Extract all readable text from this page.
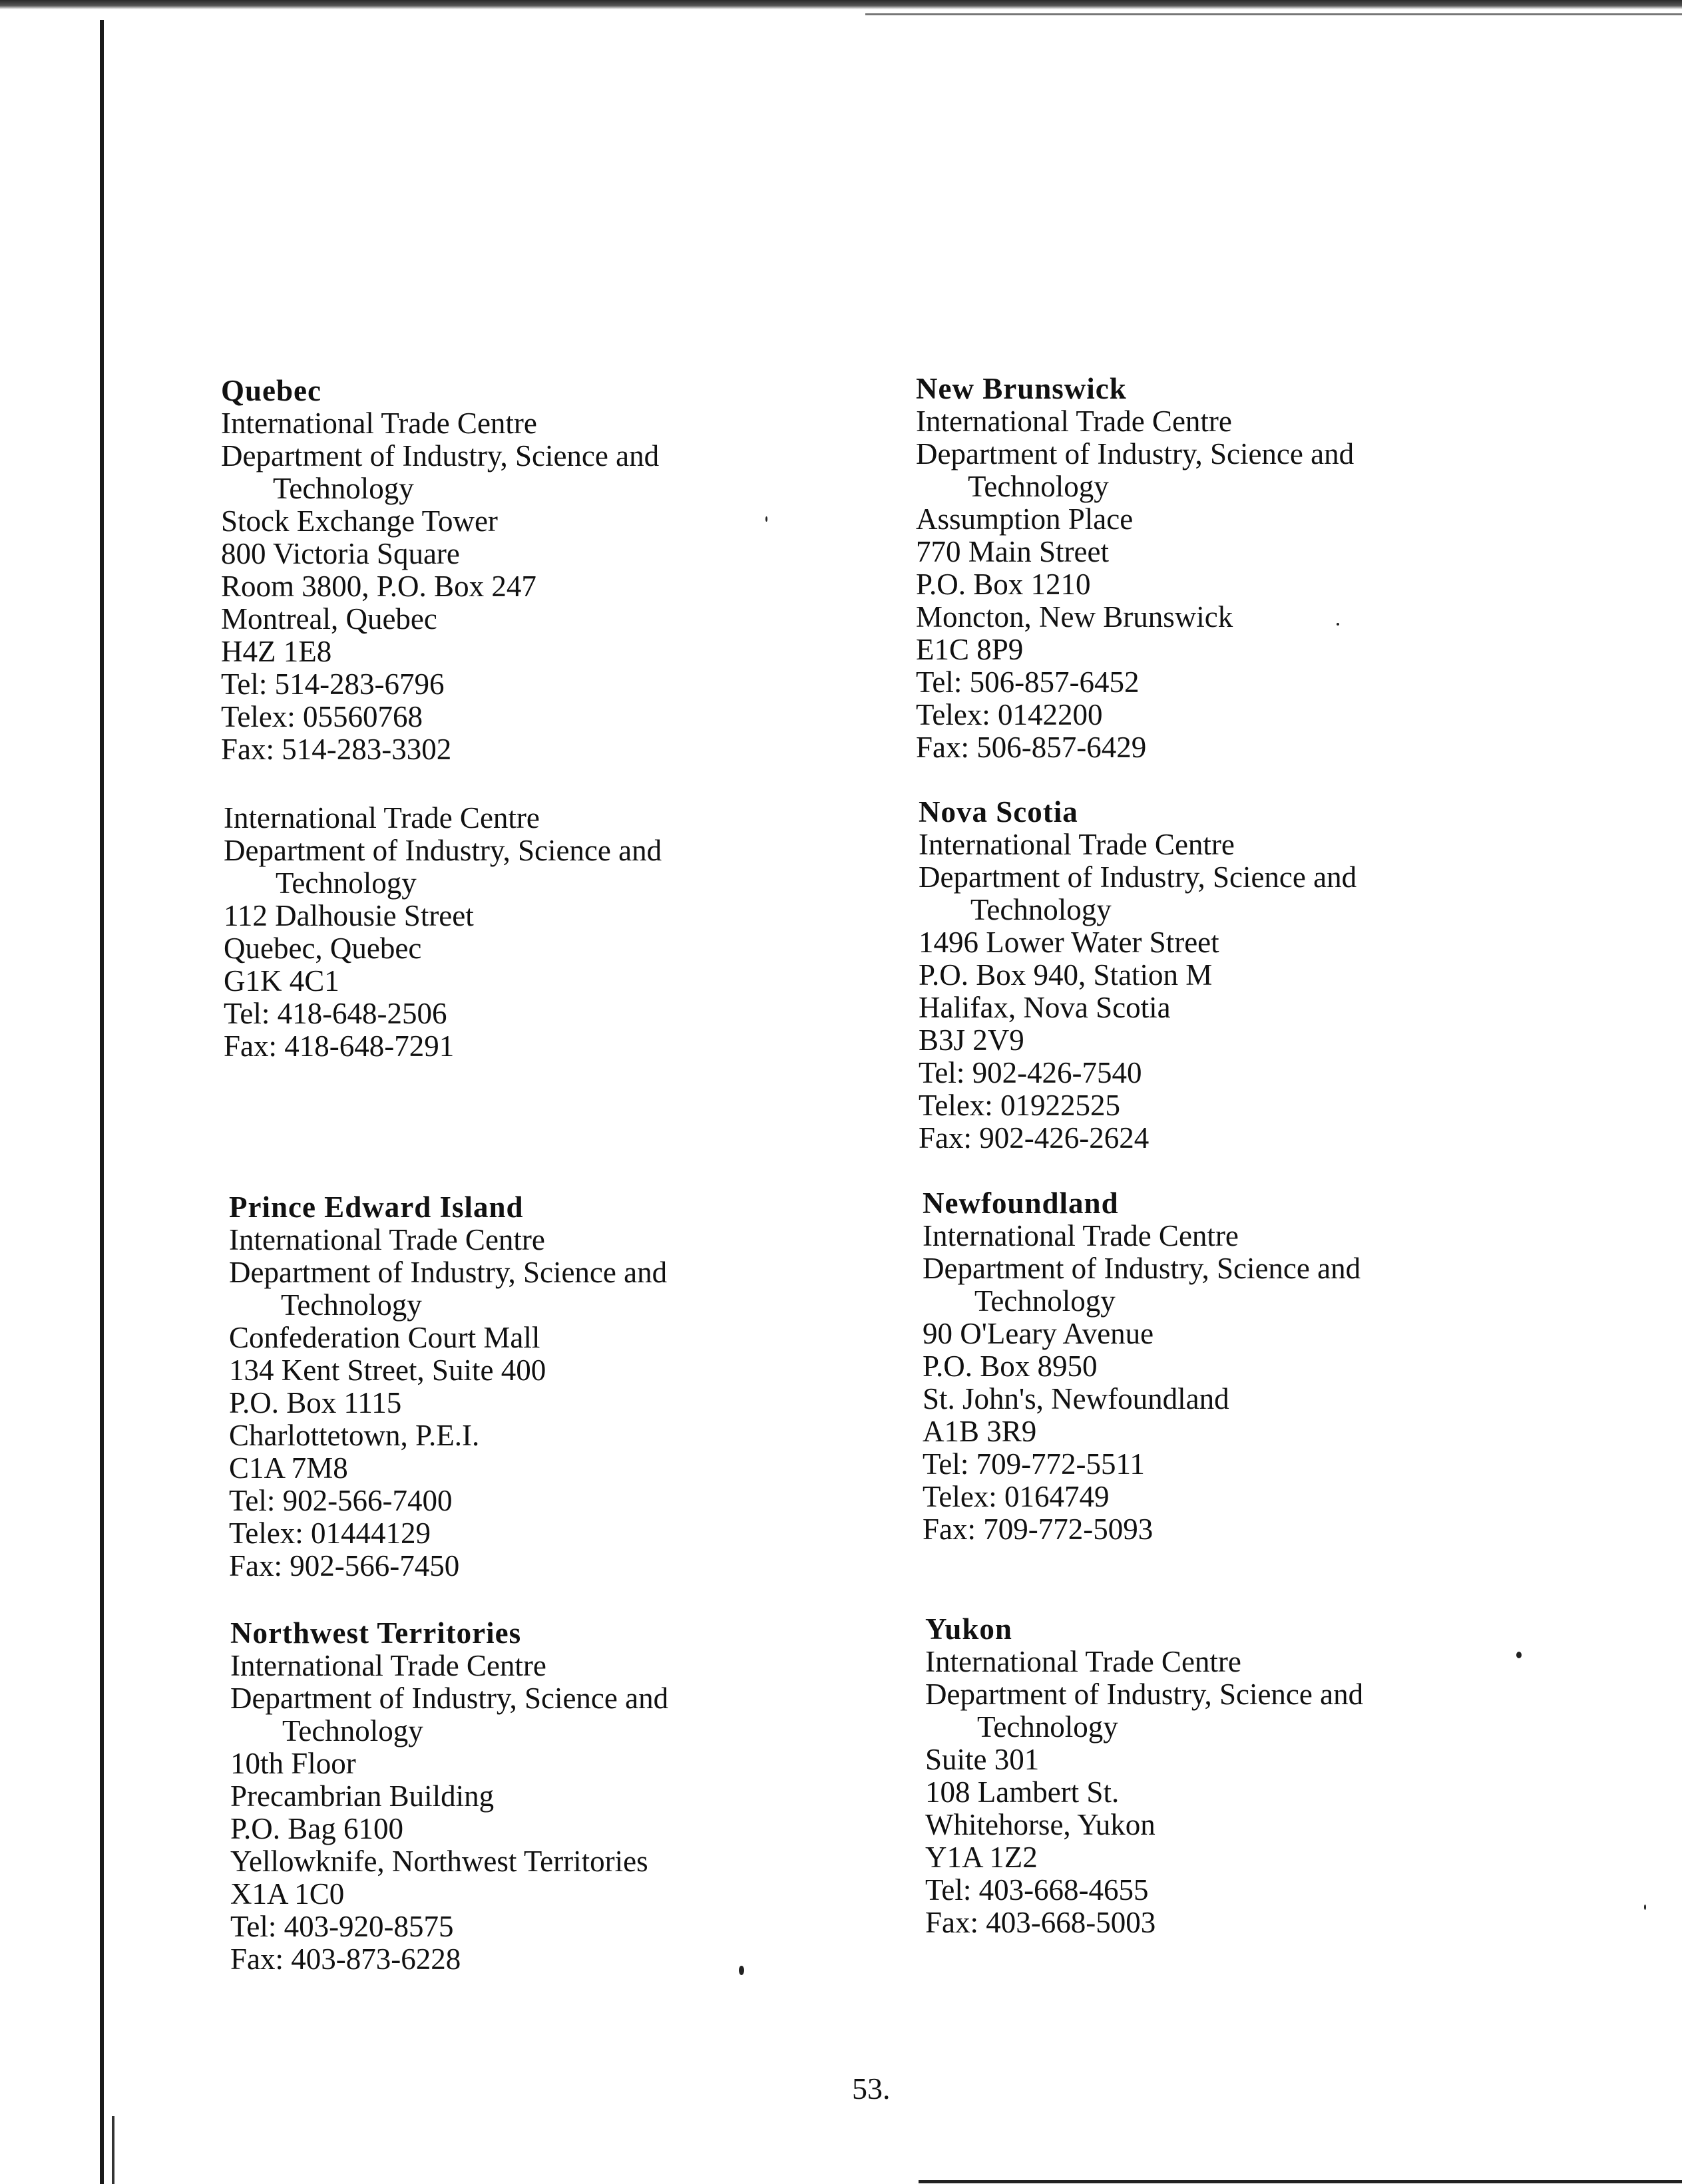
Quebec
International Trade Centre
Department of Industry, Science and
Technology
Stock Exchange Tower
800 Victoria Square
Room 3800, P.O. Box 247
Montreal, Quebec
H4Z 1E8
Tel: 514-283-6796
Telex: 05560768
Fax: 514-283-3302
International Trade Centre
Department of Industry, Science and
Technology
112 Dalhousie Street
Quebec, Quebec
G1K 4C1
Tel: 418-648-2506
Fax: 418-648-7291
Prince Edward Island
International Trade Centre
Department of Industry, Science and
Technology
Confederation Court Mall
134 Kent Street, Suite 400
P.O. Box 1115
Charlottetown, P.E.I.
C1A 7M8
Tel: 902-566-7400
Telex: 01444129
Fax: 902-566-7450
Northwest Territories
International Trade Centre
Department of Industry, Science and
Technology
10th Floor
Precambrian Building
P.O. Bag 6100
Yellowknife, Northwest Territories
X1A 1C0
Tel: 403-920-8575
Fax: 403-873-6228
New Brunswick
International Trade Centre
Department of Industry, Science and
Technology
Assumption Place
770 Main Street
P.O. Box 1210
Moncton, New Brunswick
E1C 8P9
Tel: 506-857-6452
Telex: 0142200
Fax: 506-857-6429
Nova Scotia
International Trade Centre
Department of Industry, Science and
Technology
1496 Lower Water Street
P.O. Box 940, Station M
Halifax, Nova Scotia
B3J 2V9
Tel: 902-426-7540
Telex: 01922525
Fax: 902-426-2624
Newfoundland
International Trade Centre
Department of Industry, Science and
Technology
90 O'Leary Avenue
P.O. Box 8950
St. John's, Newfoundland
A1B 3R9
Tel: 709-772-5511
Telex: 0164749
Fax: 709-772-5093
Yukon
International Trade Centre
Department of Industry, Science and
Technology
Suite 301
108 Lambert St.
Whitehorse, Yukon
Y1A 1Z2
Tel: 403-668-4655
Fax: 403-668-5003
53.
